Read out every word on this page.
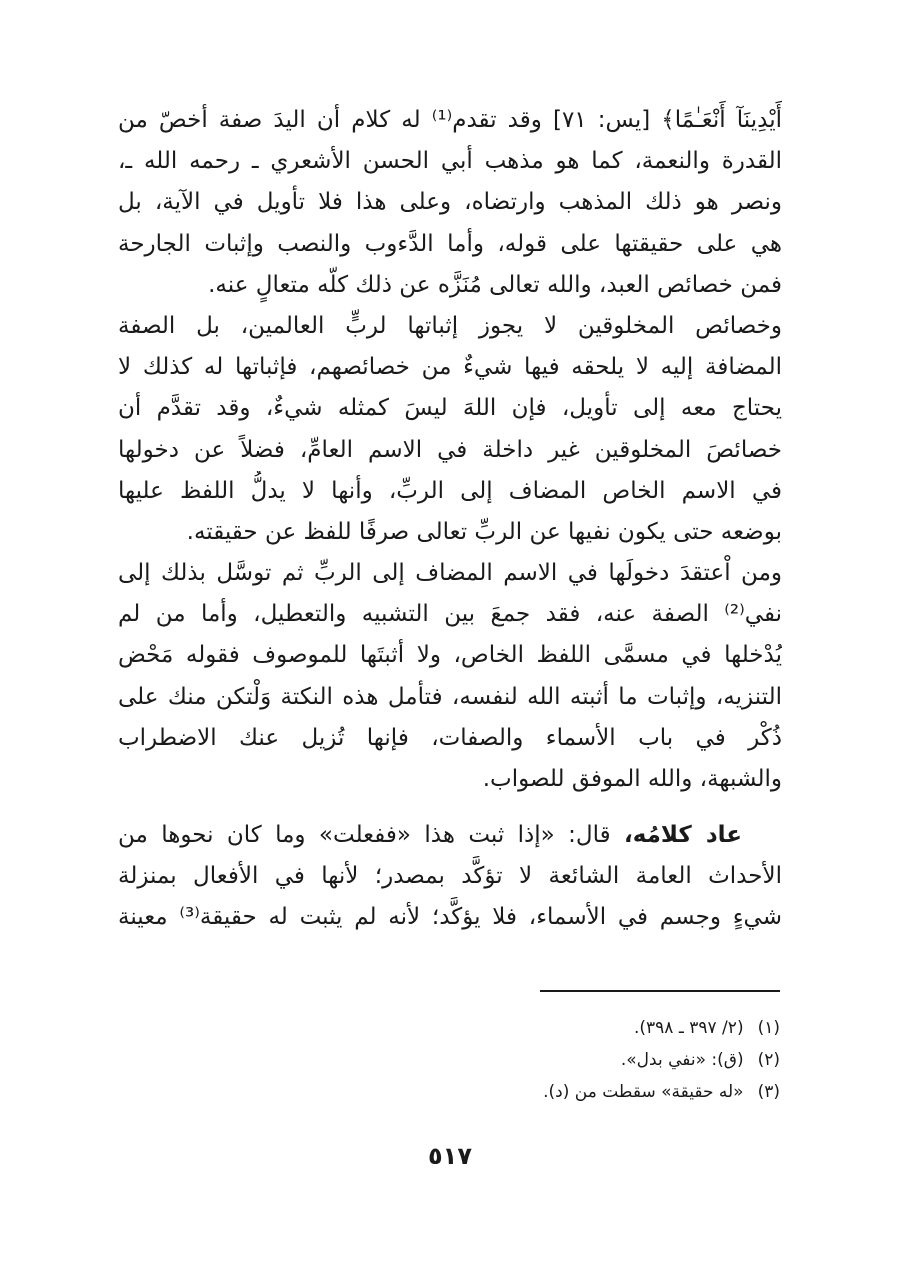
أَيْدِينَآ أَنْعَـٰمًا﴾ [يس: ٧١] وقد تقدم⁽¹⁾ له كلام أن اليدَ صفة أخصّ من
القدرة والنعمة، كما هو مذهب أبي الحسن الأشعري ـ رحمه الله ـ،
ونصر هو ذلك المذهب وارتضاه، وعلى هذا فلا تأويل في الآية، بل
هي على حقيقتها على قوله، وأما الدَّءوب والنصب وإثبات الجارحة
فمن خصائص العبد، والله تعالى مُنَزَّه عن ذلك كلّه متعالٍ عنه.
وخصائص المخلوقين لا يجوز إثباتها لربٍّ العالمين، بل الصفة
المضافة إليه لا يلحقه فيها شيءٌ من خصائصهم، فإثباتها له كذلك لا
يحتاج معه إلى تأويل، فإن اللهَ ليسَ كمثله شيءٌ، وقد تقدَّم أن
خصائصَ المخلوقين غير داخلة في الاسم العامِّ، فضلاً عن دخولها
في الاسم الخاص المضاف إلى الربِّ، وأنها لا يدلُّ اللفظ عليها
بوضعه حتى يكون نفيها عن الربِّ تعالى صرفًا للفظ عن حقيقته.
ومن اْعتقدَ دخولَها في الاسم المضاف إلى الربِّ ثم توسَّل بذلك إلى
نفي⁽²⁾ الصفة عنه، فقد جمعَ بين التشبيه والتعطيل، وأما من لم
يُدْخلها في مسمَّى اللفظ الخاص، ولا أثبتَها للموصوف فقوله مَحْض
التنزيه، وإثبات ما أثبته الله لنفسه، فتأمل هذه النكتة وَلْتكن منك على
ذُكْر في باب الأسماء والصفات، فإنها تُزيل عنك الاضطراب
والشبهة، والله الموفق للصواب.
عاد كلامُه، قال: «إذا ثبت هذا «ففعلت» وما كان نحوها من
الأحداث العامة الشائعة لا تؤكَّد بمصدر؛ لأنها في الأفعال بمنزلة
شيءٍ وجسم في الأسماء، فلا يؤكَّد؛ لأنه لم يثبت له حقيقة⁽³⁾ معينة
(١)(٢/ ٣٩٧ ـ ٣٩٨).
(٢)(ق): «نفي بدل».
(٣)«له حقيقة» سقطت من (د).
٥١٧
